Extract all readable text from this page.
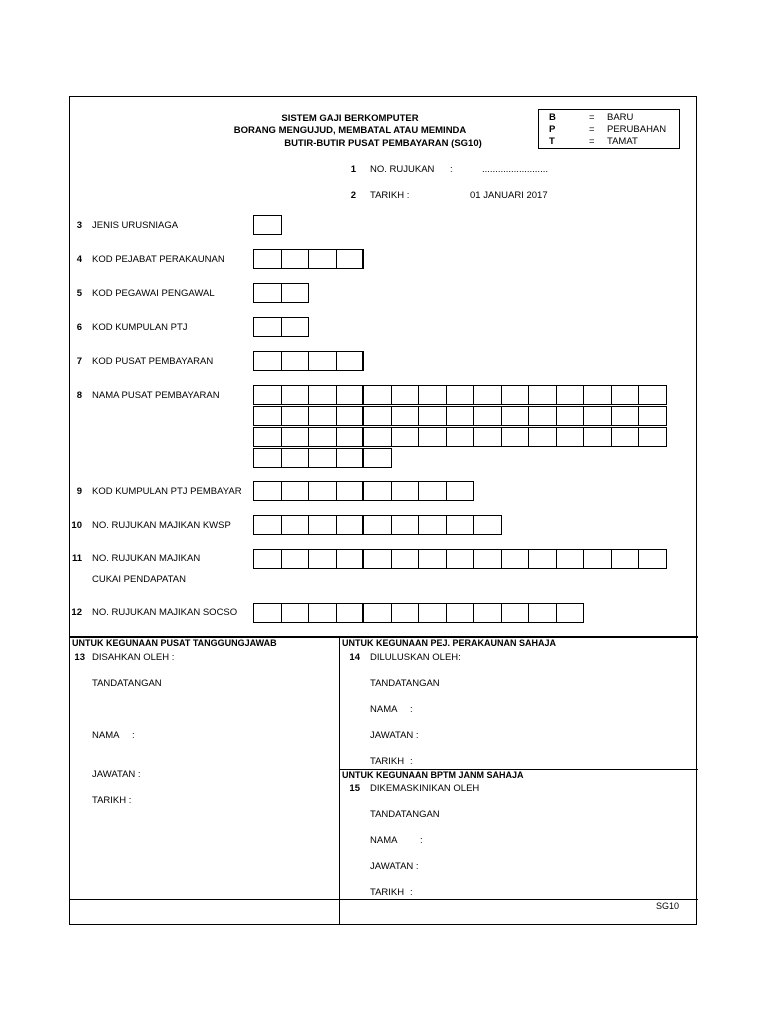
SISTEM GAJI BERKOMPUTER
BORANG MENGUJUD, MEMBATAL ATAU MEMINDA
BUTIR-BUTIR PUSAT PEMBAYARAN (SG10)
B	= BARU
P	= PERUBAHAN
T	= TAMAT
1 NO. RUJUKAN :	.........................
2 TARIKH :	01 JANUARI 2017
3 JENIS URUSNIAGA
4 KOD PEJABAT PERAKAUNAN
5 KOD PEGAWAI PENGAWAL
6 KOD KUMPULAN PTJ
7 KOD PUSAT PEMBAYARAN
8 NAMA PUSAT PEMBAYARAN
9 KOD KUMPULAN PTJ PEMBAYAR
10 NO. RUJUKAN MAJIKAN KWSP
11 NO. RUJUKAN MAJIKAN
CUKAI PENDAPATAN
12 NO. RUJUKAN MAJIKAN SOCSO
UNTUK KEGUNAAN PUSAT TANGGUNGJAWAB
13 DISAHKAN OLEH :
TANDATANGAN
NAMA :
JAWATAN :
TARIKH :
UNTUK KEGUNAAN PEJ. PERAKAUNAN SAHAJA
14 DILULUSKAN OLEH:
TANDATANGAN
NAMA :
JAWATAN :
TARIKH :
UNTUK KEGUNAAN BPTM JANM SAHAJA
15 DIKEMASKINIKAN OLEH
TANDATANGAN
NAMA :
JAWATAN :
TARIKH :
SG10
